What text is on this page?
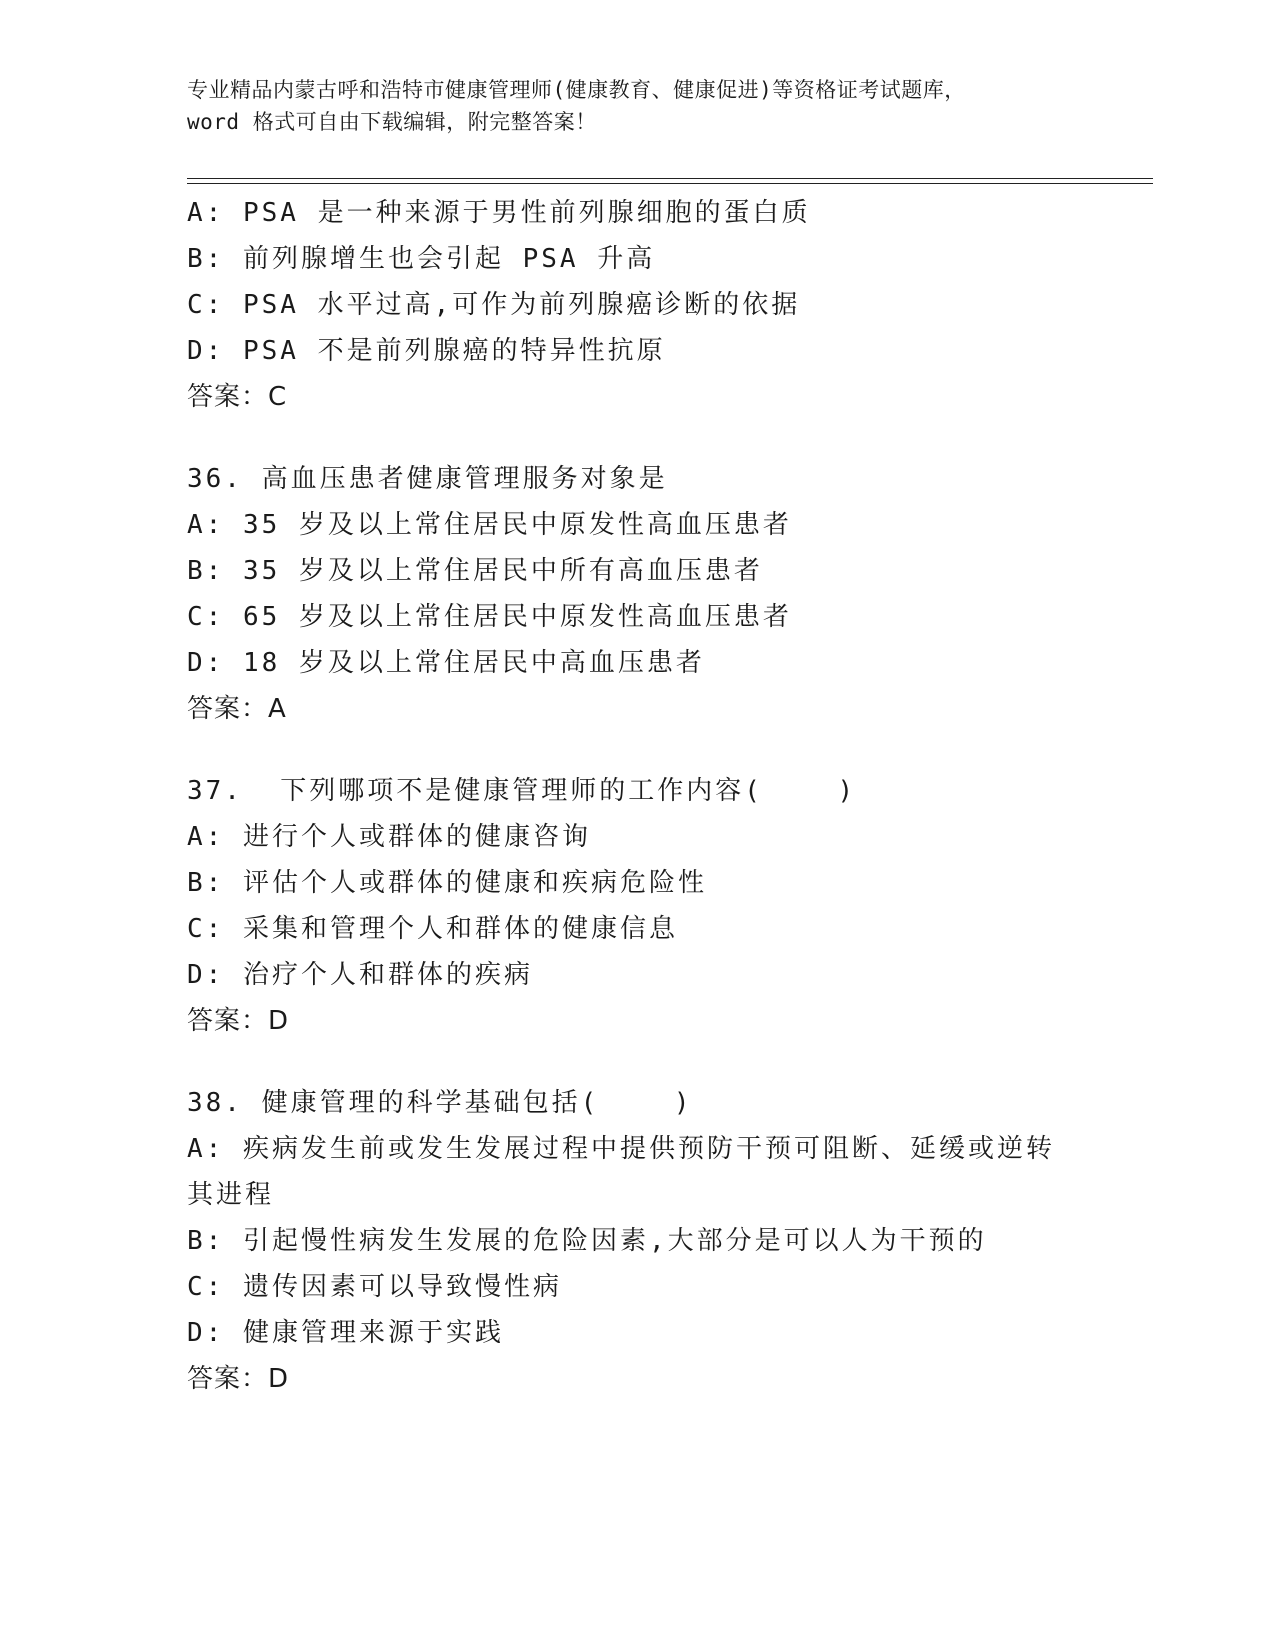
专业精品内蒙古呼和浩特市健康管理师(健康教育、健康促进)等资格证考试题库，
word 格式可自由下载编辑，附完整答案！
A: PSA 是一种来源于男性前列腺细胞的蛋白质
B: 前列腺增生也会引起 PSA 升高
C: PSA 水平过高,可作为前列腺癌诊断的依据
D: PSA 不是前列腺癌的特异性抗原
答案：C
36. 高血压患者健康管理服务对象是
A: 35 岁及以上常住居民中原发性高血压患者
B: 35 岁及以上常住居民中所有高血压患者
C: 65 岁及以上常住居民中原发性高血压患者
D: 18 岁及以上常住居民中高血压患者
答案：A
37.  下列哪项不是健康管理师的工作内容(    )
A: 进行个人或群体的健康咨询
B: 评估个人或群体的健康和疾病危险性
C: 采集和管理个人和群体的健康信息
D: 治疗个人和群体的疾病
答案：D
38. 健康管理的科学基础包括(    )
A: 疾病发生前或发生发展过程中提供预防干预可阻断、延缓或逆转其进程
B: 引起慢性病发生发展的危险因素,大部分是可以人为干预的
C: 遗传因素可以导致慢性病
D: 健康管理来源于实践
答案：D
